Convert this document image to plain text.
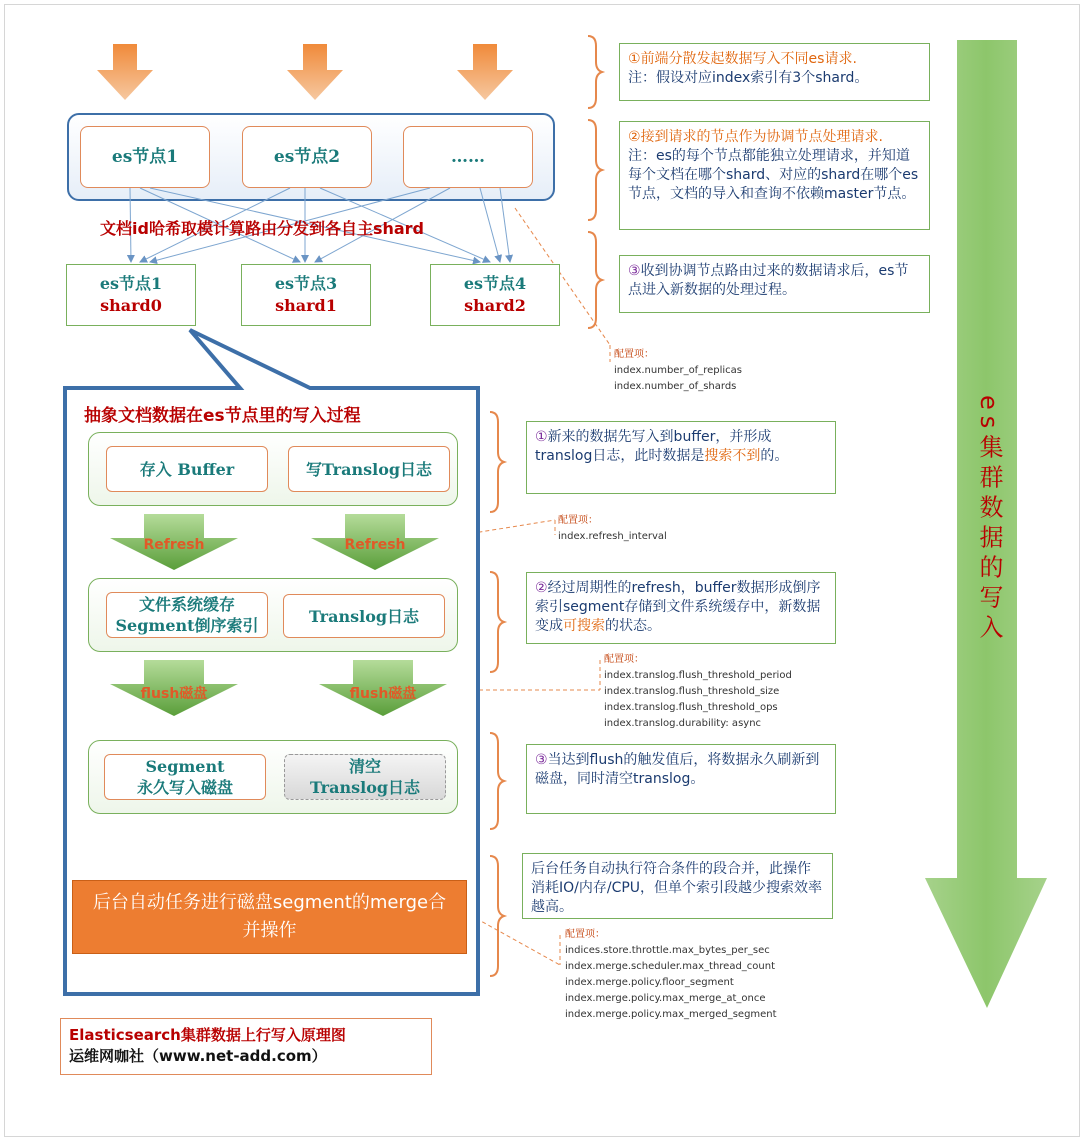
es节点1	es节点2	……
文档id哈希取模计算路由分发到各自主shard
es节点1
shard0
es节点3
shard1
es节点4
shard2
①前端分散发起数据写入不同es请求.
注：假设对应index索引有3个shard。
②接到请求的节点作为协调节点处理请求.
注：es的每个节点都能独立处理请求，并知道每个文档在哪个shard、对应的shard在哪个es节点，文档的导入和查询不依赖master节点。
③收到协调节点路由过来的数据请求后，es节点进入新数据的处理过程。
配置项：
index.number_of_replicas
index.number_of_shards
抽象文档数据在es节点里的写入过程
存入 Buffer	写Translog日志
Refresh	Refresh
文件系统缓存
Segment倒序索引	Translog日志
flush磁盘	flush磁盘
Segment
永久写入磁盘
清空
Translog日志
后台自动任务进行磁盘segment的merge合并操作
①新来的数据先写入到buffer，并形成translog日志，此时数据是搜索不到的。
②经过周期性的refresh，buffer数据形成倒序索引segment存储到文件系统缓存中，新数据变成可搜索的状态。
③当达到flush的触发值后，将数据永久刷新到磁盘，同时清空translog。
后台任务自动执行符合条件的段合并，此操作消耗IO/内存/CPU，但单个索引段越少搜索效率越高。
配置项：
index.refresh_interval
配置项：
index.translog.flush_threshold_period
index.translog.flush_threshold_size
index.translog.flush_threshold_ops
index.translog.durability: async
配置项：
indices.store.throttle.max_bytes_per_sec
index.merge.scheduler.max_thread_count
index.merge.policy.floor_segment
index.merge.policy.max_merge_at_once
index.merge.policy.max_merged_segment
es集群数据的写入
Elasticsearch集群数据上行写入原理图
运维网咖社（www.net-add.com）
